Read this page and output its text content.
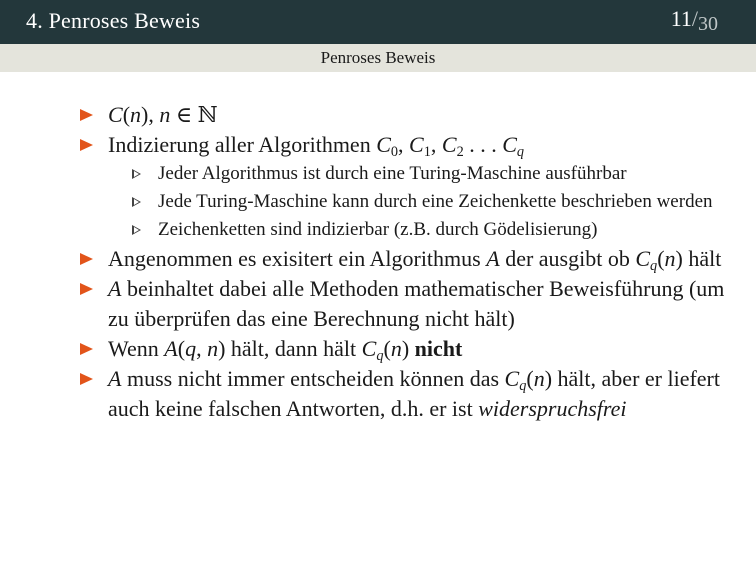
4. Penroses Beweis	11/30
Penroses Beweis
C(n), n ∈ ℕ
Indizierung aller Algorithmen $C_0$, $C_1$, $C_2$ . . . $C_q$
Jeder Algorithmus ist durch eine Turing-Maschine ausführbar
Jede Turing-Maschine kann durch eine Zeichenkette beschrieben werden
Zeichenketten sind indizierbar (z.B. durch Gödelisierung)
Angenommen es exisitert ein Algorithmus A der ausgibt ob $C_q(n)$ hält
A beinhaltet dabei alle Methoden mathematischer Beweisführung (um zu überprüfen das eine Berechnung nicht hält)
Wenn A(q, n) hält, dann hält $C_q(n)$ nicht
A muss nicht immer entscheiden können das $C_q(n)$ hält, aber er liefert auch keine falschen Antworten, d.h. er ist widerspruchsfrei
